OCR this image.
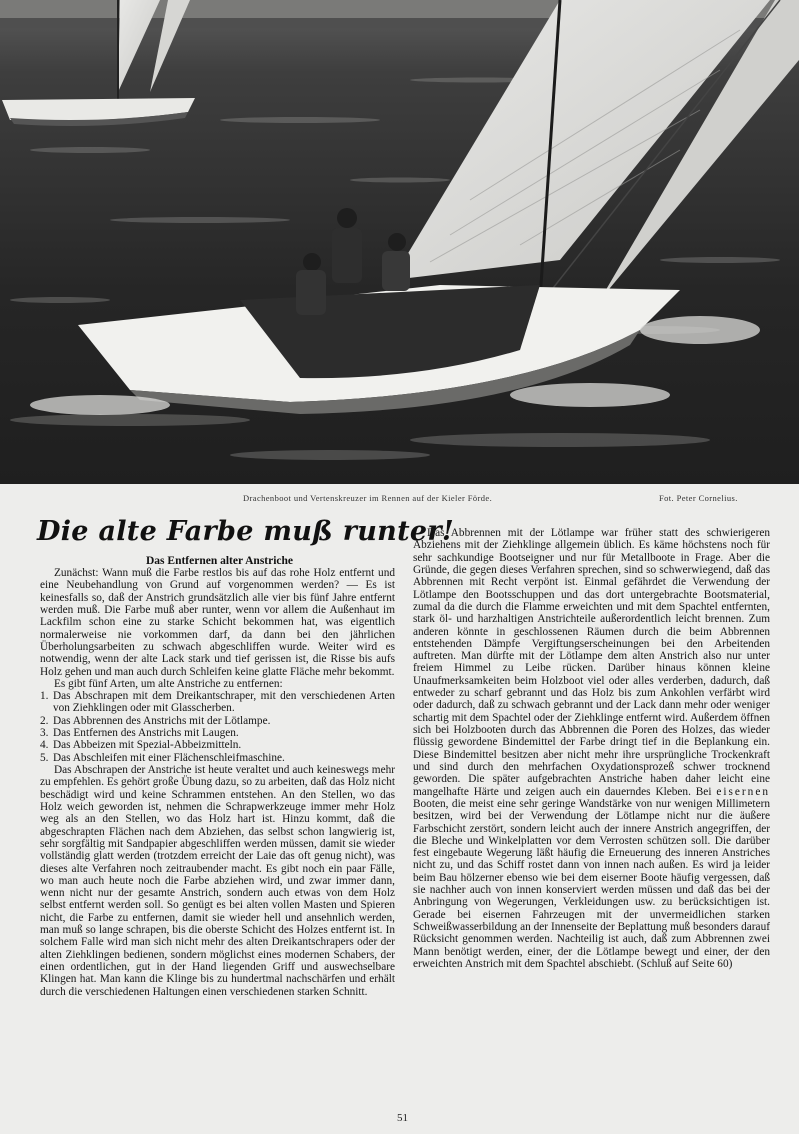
Drachenboot und Vertenskreuzer im Rennen auf der Kieler Förde.	Fot. Peter Cornelius.
Die alte Farbe muß runter!
Das Entfernen alter Anstriche

Zunächst: Wann muß die Farbe restlos bis auf das rohe Holz entfernt und eine Neubehandlung von Grund auf vorgenommen werden? — Es ist keinesfalls so, daß der Anstrich grundsätzlich alle vier bis fünf Jahre entfernt werden muß. Die Farbe muß aber runter, wenn vor allem die Außenhaut im Lackfilm schon eine zu starke Schicht bekommen hat, was eigentlich normalerweise nie vorkommen darf, da dann bei den jährlichen Überholungsarbeiten zu schwach abgeschliffen wurde. Weiter wird es notwendig, wenn der alte Lack stark und tief gerissen ist, die Risse bis aufs Holz gehen und man auch durch Schleifen keine glatte Fläche mehr bekommt.

Es gibt fünf Arten, um alte Anstriche zu entfernen:

1. Das Abschrapen mit dem Dreikantschraper, mit den verschiedenen Arten von Ziehklingen oder mit Glasscherben.
2. Das Abbrennen des Anstrichs mit der Lötlampe.
3. Das Entfernen des Anstrichs mit Laugen.
4. Das Abbeizen mit Spezial-Abbeizmitteln.
5. Das Abschleifen mit einer Flächenschleifmaschine.

Das Abschrapen der Anstriche ist heute veraltet und auch keineswegs mehr zu empfehlen. Es gehört große Übung dazu, so zu arbeiten, daß das Holz nicht beschädigt wird und keine Schrammen entstehen. An den Stellen, wo das Holz weich geworden ist, nehmen die Schrapwerkzeuge immer mehr Holz weg als an den Stellen, wo das Holz hart ist. Hinzu kommt, daß die abgeschrapten Flächen nach dem Abziehen, das selbst schon langwierig ist, sehr sorgfältig mit Sandpapier abgeschliffen werden müssen, damit sie wieder vollständig glatt werden (trotzdem erreicht der Laie das oft genug nicht), was dieses alte Verfahren noch zeitraubender macht. Es gibt noch ein paar Fälle, wo man auch heute noch die Farbe abziehen wird, und zwar immer dann, wenn nicht nur der gesamte Anstrich, sondern auch etwas von dem Holz selbst entfernt werden soll. So genügt es bei alten vollen Masten und Spieren nicht, die Farbe zu entfernen, damit sie wieder hell und ansehnlich werden, man muß so lange schrapen, bis die oberste Schicht des Holzes entfernt ist. In solchem Falle wird man sich nicht mehr des alten Dreikantschrapers oder der alten Ziehklingen bedienen, sondern möglichst eines modernen Schabers, der einen ordentlichen, gut in der Hand liegenden Griff und auswechselbare Klingen hat. Man kann die Klinge bis zu hundertmal nachschärfen und erhält durch die verschiedenen Haltungen einen verschiedenen starken Schnitt.

Das Abbrennen mit der Lötlampe war früher statt des schwierigeren Abziehens mit der Ziehklinge allgemein üblich. Es käme höchstens noch für sehr sachkundige Bootseigner und nur für Metallboote in Frage. Aber die Gründe, die gegen dieses Verfahren sprechen, sind so schwerwiegend, daß das Abbrennen mit Recht verpönt ist. Einmal gefährdet die Verwendung der Lötlampe den Bootsschuppen und das dort untergebrachte Bootsmaterial, zumal da die durch die Flamme erweichten und mit dem Spachtel entfernten, stark öl- und harzhaltigen Anstrichteile außerordentlich leicht brennen. Zum anderen könnte in geschlossenen Räumen durch die beim Abbrennen entstehenden Dämpfe Vergiftungserscheinungen bei den Arbeitenden auftreten. Man dürfte mit der Lötlampe dem alten Anstrich also nur unter freiem Himmel zu Leibe rücken. Darüber hinaus können kleine Unaufmerksamkeiten beim Holzboot viel oder alles verderben, dadurch, daß entweder zu scharf gebrannt und das Holz bis zum Ankohlen verfärbt wird oder dadurch, daß zu schwach gebrannt und der Lack dann mehr oder weniger schartig mit dem Spachtel oder der Ziehklinge entfernt wird. Außerdem öffnen sich bei Holzbooten durch das Abbrennen die Poren des Holzes, das wieder flüssig gewordene Bindemittel der Farbe dringt tief in die Beplankung ein. Diese Bindemittel besitzen aber nicht mehr ihre ursprüngliche Trockenkraft und sind durch den mehrfachen Oxydationsprozeß schwer trocknend geworden. Die später aufgebrachten Anstriche haben daher leicht eine mangelhafte Härte und zeigen auch ein dauerndes Kleben. Bei eisernen Booten, die meist eine sehr geringe Wandstärke von nur wenigen Millimetern besitzen, wird bei der Verwendung der Lötlampe nicht nur die äußere Farbschicht zerstört, sondern leicht auch der innere Anstrich angegriffen, der die Bleche und Winkelplatten vor dem Verrosten schützen soll. Die darüber fest eingebaute Wegerung läßt häufig die Erneuerung des inneren Anstriches nicht zu, und das Schiff rostet dann von innen nach außen. Es wird ja leider beim Bau hölzerner ebenso wie bei dem eiserner Boote häufig vergessen, daß sie nachher auch von innen konserviert werden müssen und daß das bei der Anbringung von Wegerungen, Verkleidungen usw. zu berücksichtigen ist. Gerade bei eisernen Fahrzeugen mit der unvermeidlichen starken Schweißwasserbildung an der Innenseite der Beplattung muß besonders darauf Rücksicht genommen werden. Nachteilig ist auch, daß zum Abbrennen zwei Mann benötigt werden, einer, der die Lötlampe bewegt und einer, der den erweichten Anstrich mit dem Spachtel abschiebt. (Schluß auf Seite 60)

51
